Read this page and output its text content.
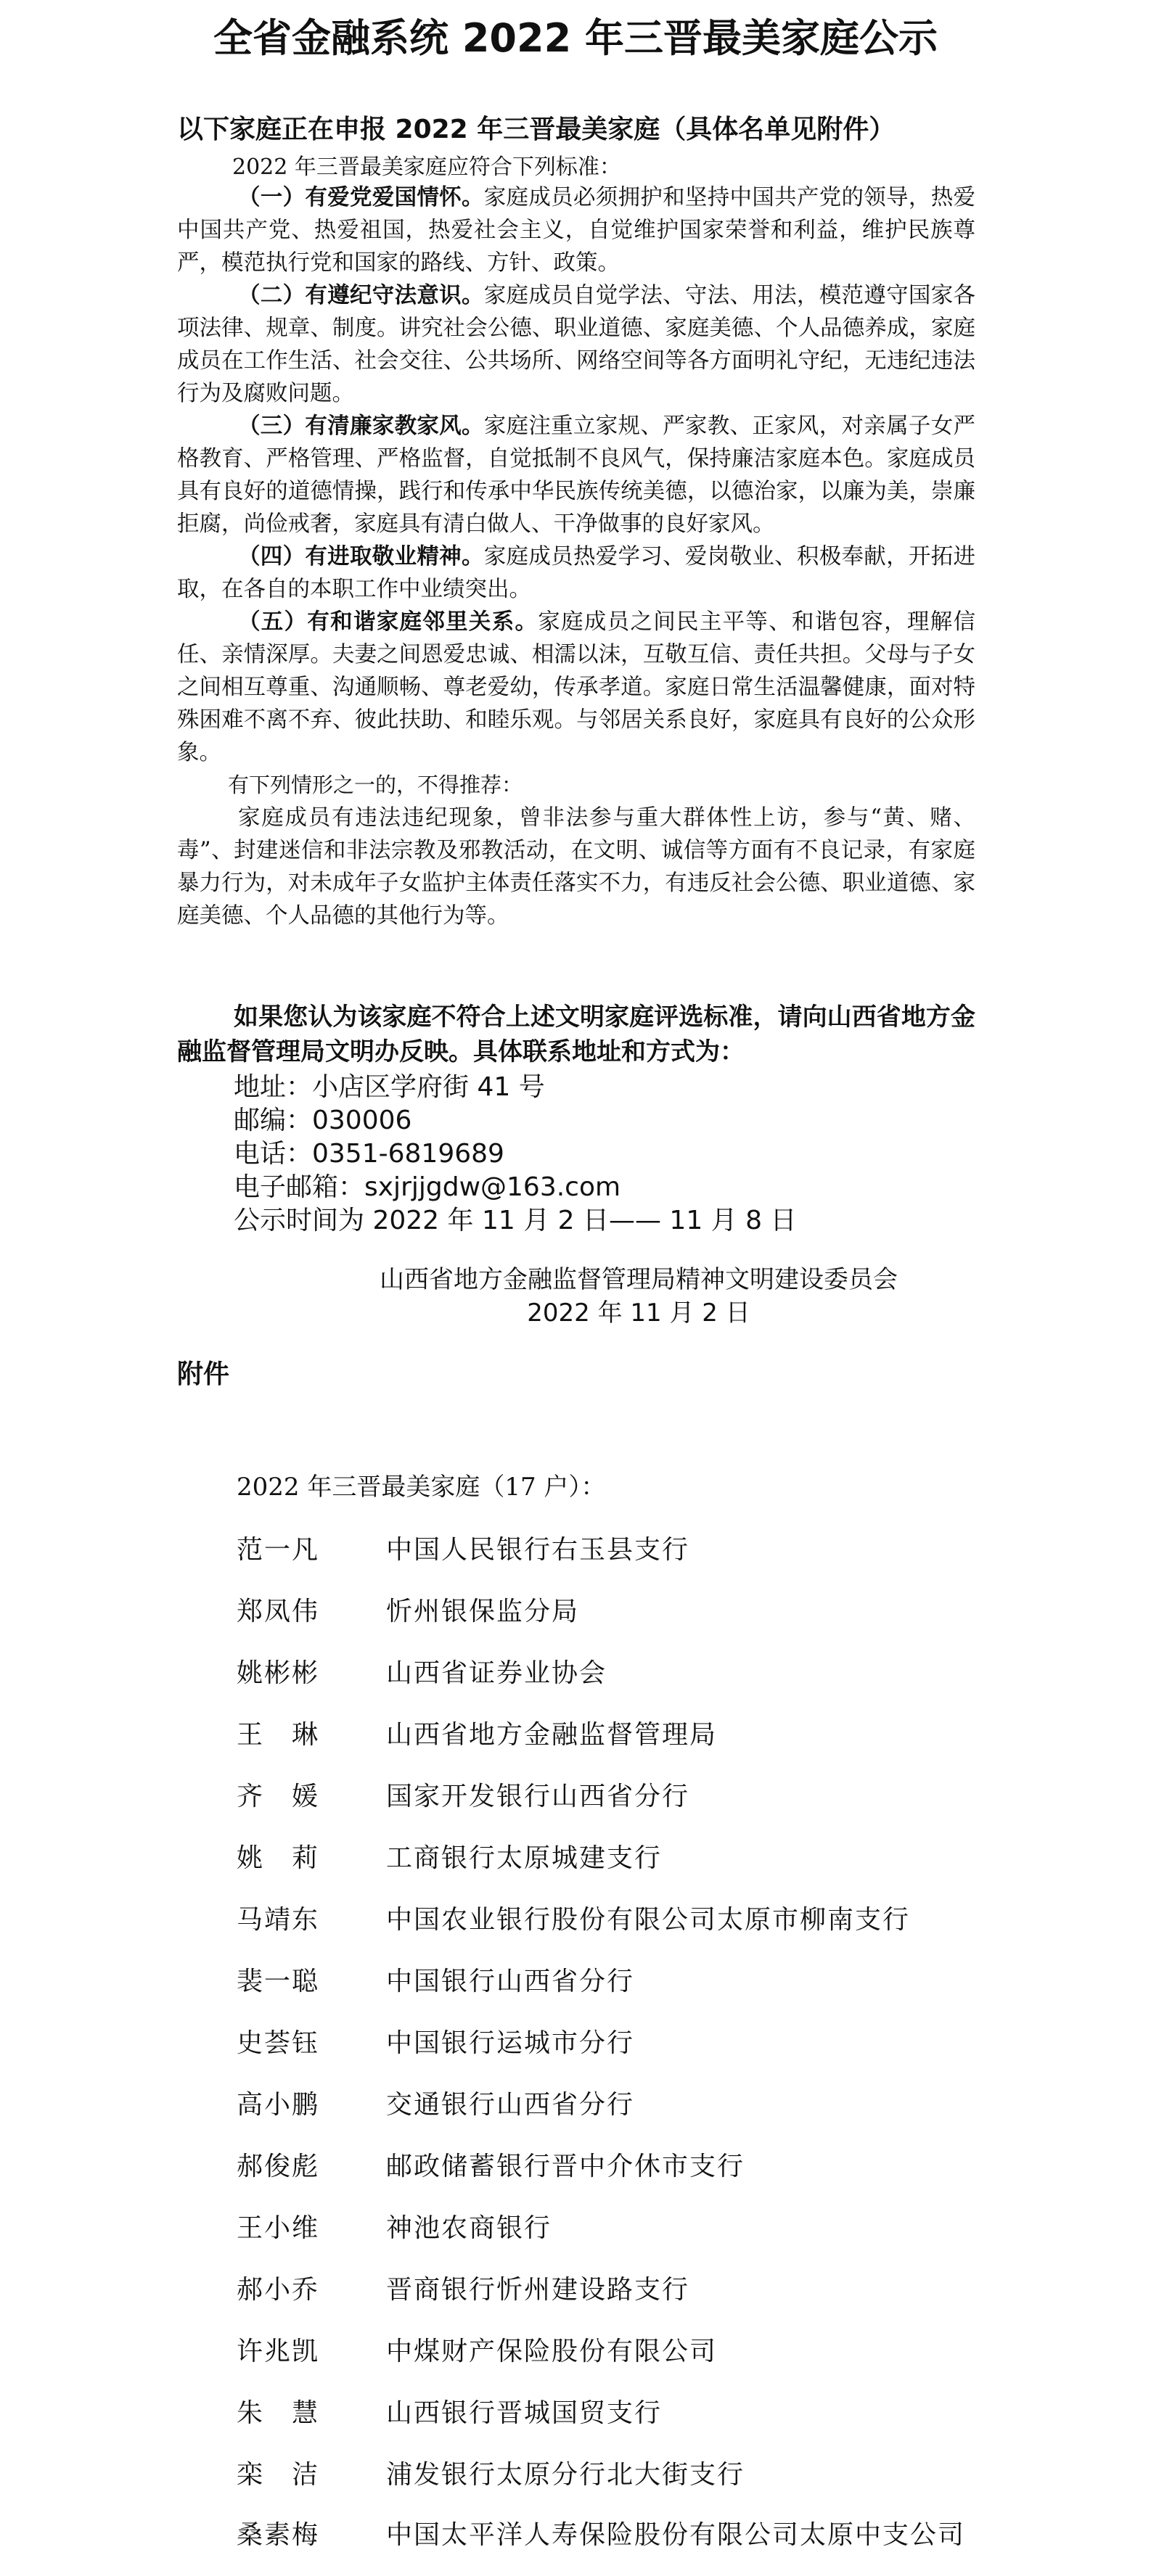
全省金融系统 2022 年三晋最美家庭公示
以下家庭正在申报 2022 年三晋最美家庭（具体名单见附件）
2022 年三晋最美家庭应符合下列标准：

（一）有爱党爱国情怀。家庭成员必须拥护和坚持中国共产党的领导，热爱中国共产党、热爱祖国，热爱社会主义，自觉维护国家荣誉和利益，维护民族尊严，模范执行党和国家的路线、方针、政策。

（二）有遵纪守法意识。家庭成员自觉学法、守法、用法，模范遵守国家各项法律、规章、制度。讲究社会公德、职业道德、家庭美德、个人品德养成，家庭成员在工作生活、社会交往、公共场所、网络空间等各方面明礼守纪，无违纪违法行为及腐败问题。

（三）有清廉家教家风。家庭注重立家规、严家教、正家风，对亲属子女严格教育、严格管理、严格监督，自觉抵制不良风气，保持廉洁家庭本色。家庭成员具有良好的道德情操，践行和传承中华民族传统美德，以德治家，以廉为美，崇廉拒腐，尚俭戒奢，家庭具有清白做人、干净做事的良好家风。

（四）有进取敬业精神。家庭成员热爱学习、爱岗敬业、积极奉献，开拓进取，在各自的本职工作中业绩突出。

（五）有和谐家庭邻里关系。家庭成员之间民主平等、和谐包容，理解信任、亲情深厚。夫妻之间恩爱忠诚、相濡以沫，互敬互信、责任共担。父母与子女之间相互尊重、沟通顺畅、尊老爱幼，传承孝道。家庭日常生活温馨健康，面对特殊困难不离不弃、彼此扶助、和睦乐观。与邻居关系良好，家庭具有良好的公众形象。

有下列情形之一的，不得推荐：

家庭成员有违法违纪现象，曾非法参与重大群体性上访，参与“黄、赌、毒”、封建迷信和非法宗教及邪教活动，在文明、诚信等方面有不良记录，有家庭暴力行为，对未成年子女监护主体责任落实不力，有违反社会公德、职业道德、家庭美德、个人品德的其他行为等。

如果您认为该家庭不符合上述文明家庭评选标准，请向山西省地方金融监督管理局文明办反映。具体联系地址和方式为：
地址：小店区学府街 41 号
邮编：030006
电话：0351-6819689
电子邮箱：sxjrjjgdw@163.com
公示时间为 2022 年 11 月 2 日—— 11 月 8 日
山西省地方金融监督管理局精神文明建设委员会
2022 年 11 月 2 日
附件
2022 年三晋最美家庭（17 户）：
范一凡	中国人民银行右玉县支行
郑凤伟	忻州银保监分局
姚彬彬	山西省证券业协会
王　琳	山西省地方金融监督管理局
齐　媛	国家开发银行山西省分行
姚　莉	工商银行太原城建支行
马靖东	中国农业银行股份有限公司太原市柳南支行
裴一聪	中国银行山西省分行
史荟钰	中国银行运城市分行
高小鹏	交通银行山西省分行
郝俊彪	邮政储蓄银行晋中介休市支行
王小维	神池农商银行
郝小乔	晋商银行忻州建设路支行
许兆凯	中煤财产保险股份有限公司
朱　慧	山西银行晋城国贸支行
栾　洁	浦发银行太原分行北大街支行
桑素梅	中国太平洋人寿保险股份有限公司太原中支公司
